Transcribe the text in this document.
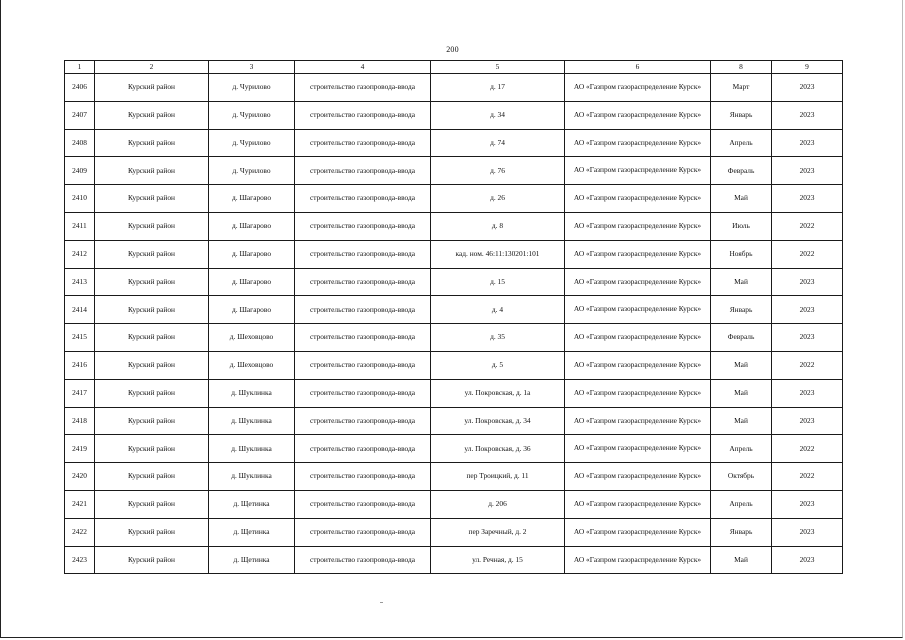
200
1	2	3	4	5	6	8	9
2406	Курский район	д. Чурилово	строительство газопровода-ввода	д. 17	АО «Газпром газораспределение Курск»	Март	2023
2407	Курский район	д. Чурилово	строительство газопровода-ввода	д. 34	АО «Газпром газораспределение Курск»	Январь	2023
2408	Курский район	д. Чурилово	строительство газопровода-ввода	д. 74	АО «Газпром газораспределение Курск»	Апрель	2023
2409	Курский район	д. Чурилово	строительство газопровода-ввода	д. 76	АО «Газпром газораспределение Курск»	Февраль	2023
2410	Курский район	д. Шагарово	строительство газопровода-ввода	д. 26	АО «Газпром газораспределение Курск»	Май	2023
2411	Курский район	д. Шагарово	строительство газопровода-ввода	д. 8	АО «Газпром газораспределение Курск»	Июль	2022
2412	Курский район	д. Шагарово	строительство газопровода-ввода	кад. ном. 46:11:130201:101	АО «Газпром газораспределение Курск»	Ноябрь	2022
2413	Курский район	д. Шагарово	строительство газопровода-ввода	д. 15	АО «Газпром газораспределение Курск»	Май	2023
2414	Курский район	д. Шагарово	строительство газопровода-ввода	д. 4	АО «Газпром газораспределение Курск»	Январь	2023
2415	Курский район	д. Шеховцово	строительство газопровода-ввода	д. 35	АО «Газпром газораспределение Курск»	Февраль	2023
2416	Курский район	д. Шеховцово	строительство газопровода-ввода	д. 5	АО «Газпром газораспределение Курск»	Май	2022
2417	Курский район	д. Шуклинка	строительство газопровода-ввода	ул. Покровская, д. 1а	АО «Газпром газораспределение Курск»	Май	2023
2418	Курский район	д. Шуклинка	строительство газопровода-ввода	ул. Покровская, д. 34	АО «Газпром газораспределение Курск»	Май	2023
2419	Курский район	д. Шуклинка	строительство газопровода-ввода	ул. Покровская, д. 36	АО «Газпром газораспределение Курск»	Апрель	2022
2420	Курский район	д. Шуклинка	строительство газопровода-ввода	пер Троицкий, д. 11	АО «Газпром газораспределение Курск»	Октябрь	2022
2421	Курский район	д. Щетинка	строительство газопровода-ввода	д. 206	АО «Газпром газораспределение Курск»	Апрель	2023
2422	Курский район	д. Щетинка	строительство газопровода-ввода	пер Заречный, д. 2	АО «Газпром газораспределение Курск»	Январь	2023
2423	Курский район	д. Щетинка	строительство газопровода-ввода	ул. Речная, д. 15	АО «Газпром газораспределение Курск»	Май	2023
